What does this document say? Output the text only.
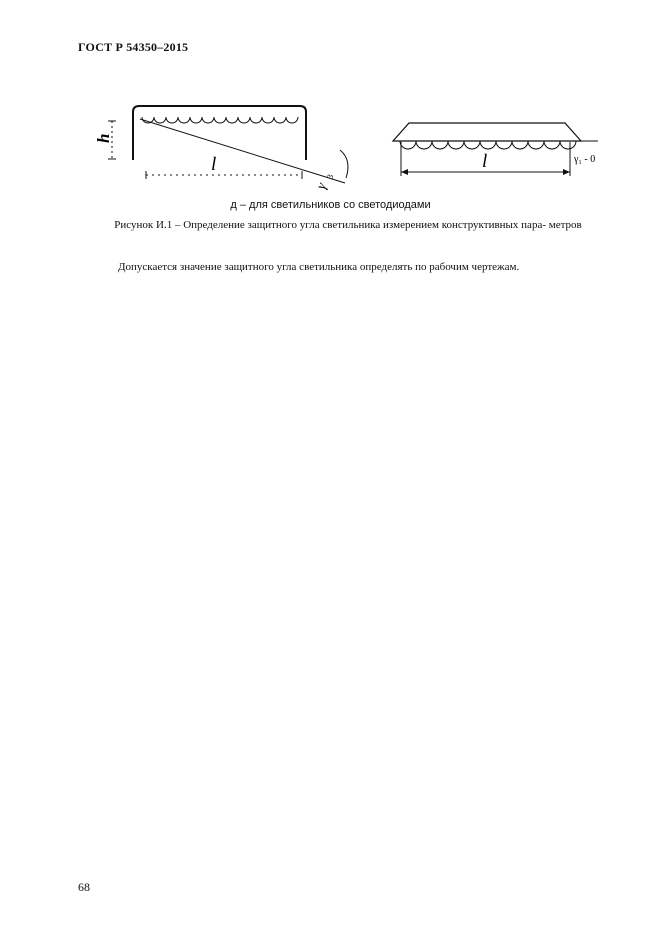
ГОСТ Р 54350–2015
h
l
γ
3
l	γ₁ - 0
д – для светильников со светодиодами
Рисунок И.1 – Определение защитного угла светильника измерением конструктивных пара- метров
Допускается значение защитного угла светильника определять по рабочим чертежам.
68
